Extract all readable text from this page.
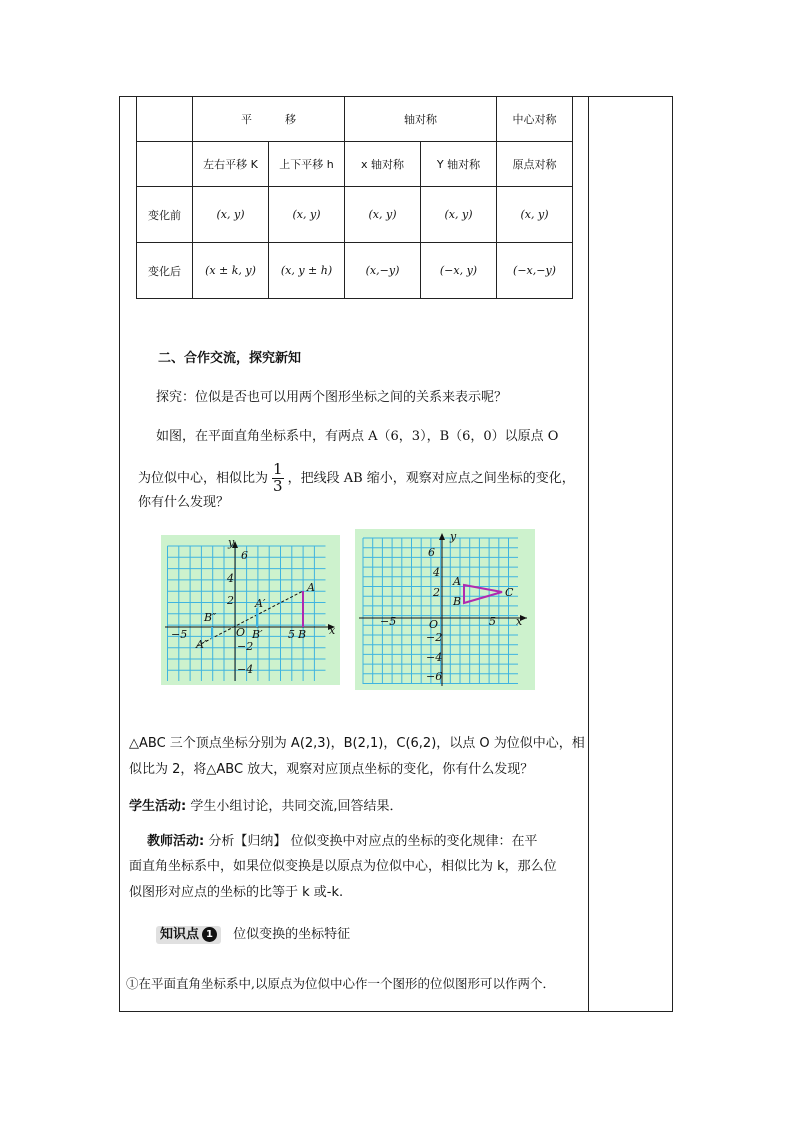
	平　　　移		轴对称		中心对称
	左右平移 K	上下平移 h	x 轴对称	Y 轴对称	原点对称
变化前	(x, y)	(x, y)	(x, y)	(x, y)	(x, y)
变化后	(x ± k, y)	(x, y ± h)	(x,−y)	(−x, y)	(−x,−y)
二、合作交流，探究新知
探究：位似是否也可以用两个图形坐标之间的关系来表示呢？
如图，在平面直角坐标系中，有两点 A（6，3），B（6，0）以原点 O
为位似中心，相似比为 $\frac{1}{3}$ ，把线段 AB 缩小，观察对应点之间坐标的变化，
你有什么发现？
6
4
2
−2
−4
−5	5	x
y
O
A
B
A′
B′
A″
B″
6
4
2
−2
−4
−6
−5	5 x
y
O
A
B
C
△ABC 三个顶点坐标分别为 A(2,3)，B(2,1)，C(6,2)，以点 O 为位似中心，相
似比为 2，将△ABC 放大，观察对应顶点坐标的变化，你有什么发现？
学生活动: 学生小组讨论，共同交流,回答结果．
教师活动: 分析【归纳】 位似变换中对应点的坐标的变化规律：在平
面直角坐标系中，如果位似变换是以原点为位似中心，相似比为 k，那么位
似图形对应点的坐标的比等于 k 或-k.
知识点 1 位似变换的坐标特征
①在平面直角坐标系中,以原点为位似中心作一个图形的位似图形可以作两个．
